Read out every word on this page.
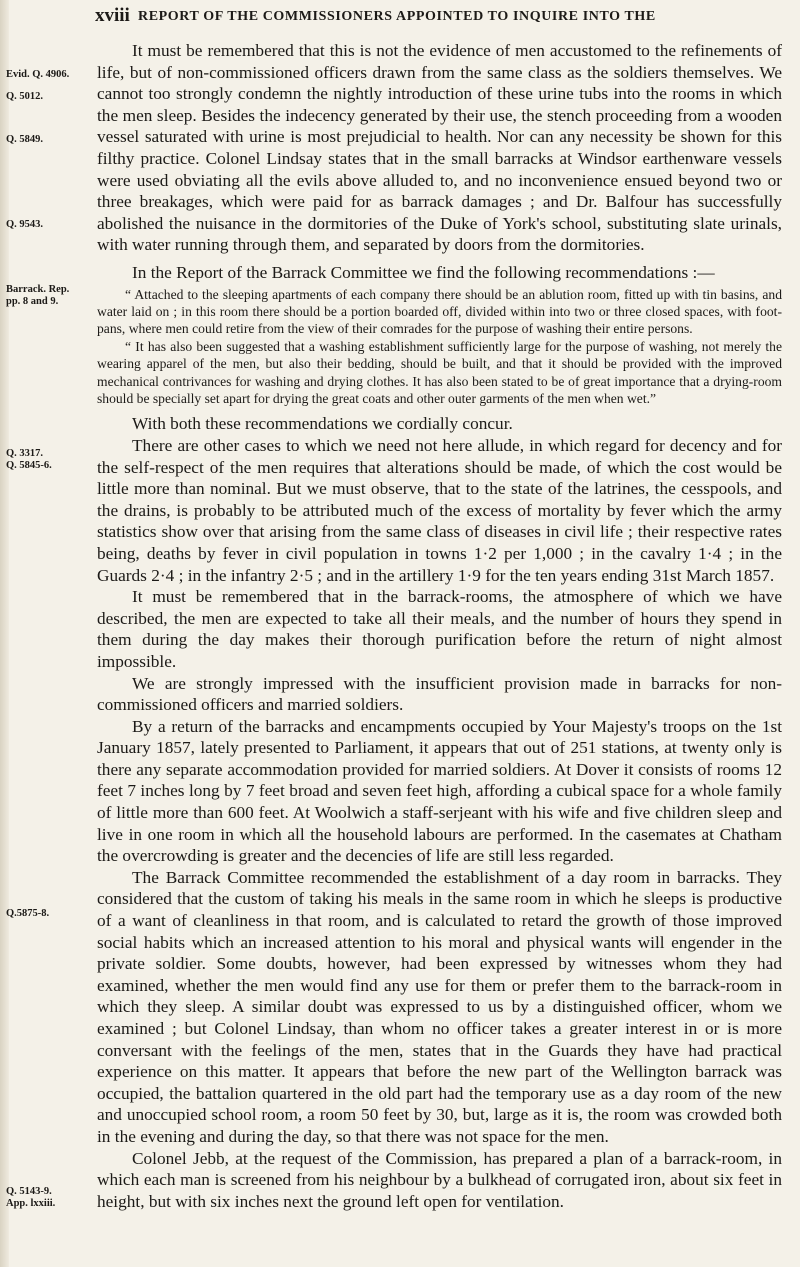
xviii REPORT OF THE COMMISSIONERS APPOINTED TO INQUIRE INTO THE
Evid. Q. 4906.
Q. 5012.
Q. 5849.
Q. 9543.
Barrack. Rep.
pp. 8 and 9.
Q. 3317.
Q. 5845-6.
Q.5875-8.
Q. 5143-9.
App. lxxiii.

It must be remembered that this is not the evidence of men accustomed to the refinements of life, but of non-commissioned officers drawn from the same class as the soldiers themselves. We cannot too strongly condemn the nightly introduction of these urine tubs into the rooms in which the men sleep. Besides the indecency generated by their use, the stench proceeding from a wooden vessel saturated with urine is most prejudicial to health. Nor can any necessity be shown for this filthy practice. Colonel Lindsay states that in the small barracks at Windsor earthenware vessels were used obviating all the evils above alluded to, and no inconvenience ensued beyond two or three breakages, which were paid for as barrack damages ; and Dr. Balfour has successfully abolished the nuisance in the dormitories of the Duke of York's school, substituting slate urinals, with water running through them, and separated by doors from the dormitories.

In the Report of the Barrack Committee we find the following recommendations :—

“ Attached to the sleeping apartments of each company there should be an ablution room, fitted up with tin basins, and water laid on ; in this room there should be a portion boarded off, divided within into two or three closed spaces, with foot-pans, where men could retire from the view of their comrades for the purpose of washing their entire persons.

“ It has also been suggested that a washing establishment sufficiently large for the purpose of washing, not merely the wearing apparel of the men, but also their bedding, should be built, and that it should be provided with the improved mechanical contrivances for washing and drying clothes. It has also been stated to be of great importance that a drying-room should be specially set apart for drying the great coats and other outer garments of the men when wet.”

With both these recommendations we cordially concur.

There are other cases to which we need not here allude, in which regard for decency and for the self-respect of the men requires that alterations should be made, of which the cost would be little more than nominal. But we must observe, that to the state of the latrines, the cesspools, and the drains, is probably to be attributed much of the excess of mortality by fever which the army statistics show over that arising from the same class of diseases in civil life ; their respective rates being, deaths by fever in civil population in towns 1·2 per 1,000 ; in the cavalry 1·4 ; in the Guards 2·4 ; in the infantry 2·5 ; and in the artillery 1·9 for the ten years ending 31st March 1857.

It must be remembered that in the barrack-rooms, the atmosphere of which we have described, the men are expected to take all their meals, and the number of hours they spend in them during the day makes their thorough purification before the return of night almost impossible.

We are strongly impressed with the insufficient provision made in barracks for non-commissioned officers and married soldiers.

By a return of the barracks and encampments occupied by Your Majesty's troops on the 1st January 1857, lately presented to Parliament, it appears that out of 251 stations, at twenty only is there any separate accommodation provided for married soldiers. At Dover it consists of rooms 12 feet 7 inches long by 7 feet broad and seven feet high, affording a cubical space for a whole family of little more than 600 feet. At Woolwich a staff-serjeant with his wife and five children sleep and live in one room in which all the household labours are performed. In the casemates at Chatham the overcrowding is greater and the decencies of life are still less regarded.

The Barrack Committee recommended the establishment of a day room in barracks. They considered that the custom of taking his meals in the same room in which he sleeps is productive of a want of cleanliness in that room, and is calculated to retard the growth of those improved social habits which an increased attention to his moral and physical wants will engender in the private soldier. Some doubts, however, had been expressed by witnesses whom they had examined, whether the men would find any use for them or prefer them to the barrack-room in which they sleep. A similar doubt was expressed to us by a distinguished officer, whom we examined ; but Colonel Lindsay, than whom no officer takes a greater interest in or is more conversant with the feelings of the men, states that in the Guards they have had practical experience on this matter. It appears that before the new part of the Wellington barrack was occupied, the battalion quartered in the old part had the temporary use as a day room of the new and unoccupied school room, a room 50 feet by 30, but, large as it is, the room was crowded both in the evening and during the day, so that there was not space for the men.

Colonel Jebb, at the request of the Commission, has prepared a plan of a barrack-room, in which each man is screened from his neighbour by a bulkhead of corrugated iron, about six feet in height, but with six inches next the ground left open for ventilation.
